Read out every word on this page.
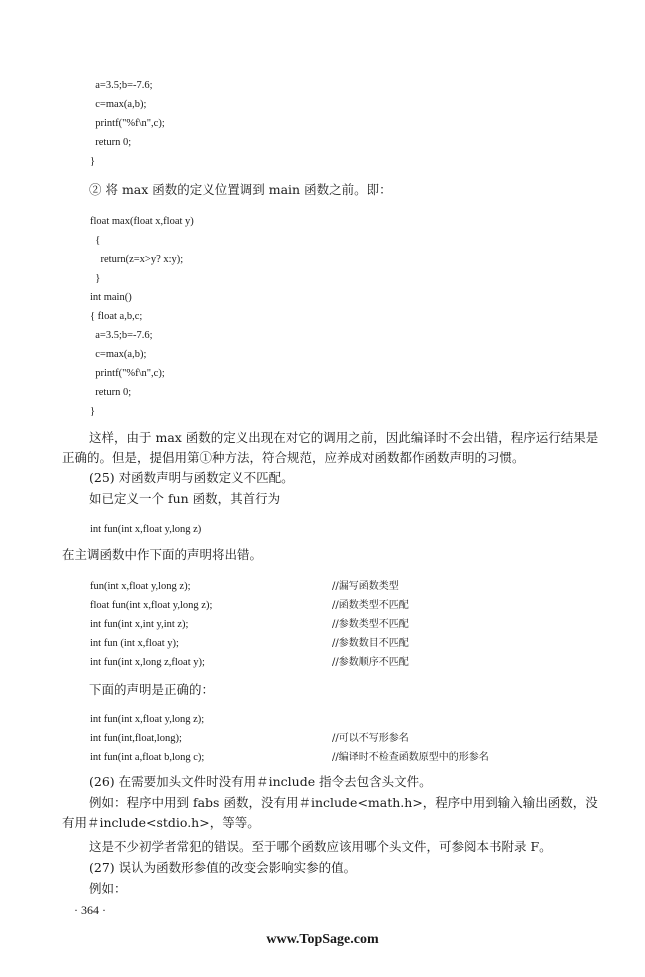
a=3.5;b=-7.6;
c=max(a,b);
printf("%f\n",c);
return 0;
}

② 将 max 函数的定义位置调到 main 函数之前。即：

float max(float x,float y)
{
return(z=x>y? x:y);
}
int main()
{ float a,b,c;
a=3.5;b=-7.6;
c=max(a,b);
printf("%f\n",c);
return 0;
}

这样，由于 max 函数的定义出现在对它的调用之前，因此编译时不会出错，程序运行结果是正确的。但是，提倡用第①种方法，符合规范，应养成对函数都作函数声明的习惯。

(25) 对函数声明与函数定义不匹配。

如已定义一个 fun 函数，其首行为

int fun(int x,float y,long z)

在主调函数中作下面的声明将出错。

fun(int x,float y,long z);	//漏写函数类型
float fun(int x,float y,long z);	//函数类型不匹配
int fun(int x,int y,int z);	//参数类型不匹配
int fun (int x,float y);	//参数数目不匹配
int fun(int x,long z,float y);	//参数顺序不匹配

下面的声明是正确的：

int fun(int x,float y,long z);
int fun(int,float,long);	//可以不写形参名
int fun(int a,float b,long c);	//编译时不检查函数原型中的形参名

(26) 在需要加头文件时没有用＃include 指令去包含头文件。

例如：程序中用到 fabs 函数，没有用＃include<math.h>，程序中用到输入输出函数，没有用＃include<stdio.h>，等等。

这是不少初学者常犯的错误。至于哪个函数应该用哪个头文件，可参阅本书附录 F。

(27) 误认为函数形参值的改变会影响实参的值。

例如：

· 364 ·
www.TopSage.com
